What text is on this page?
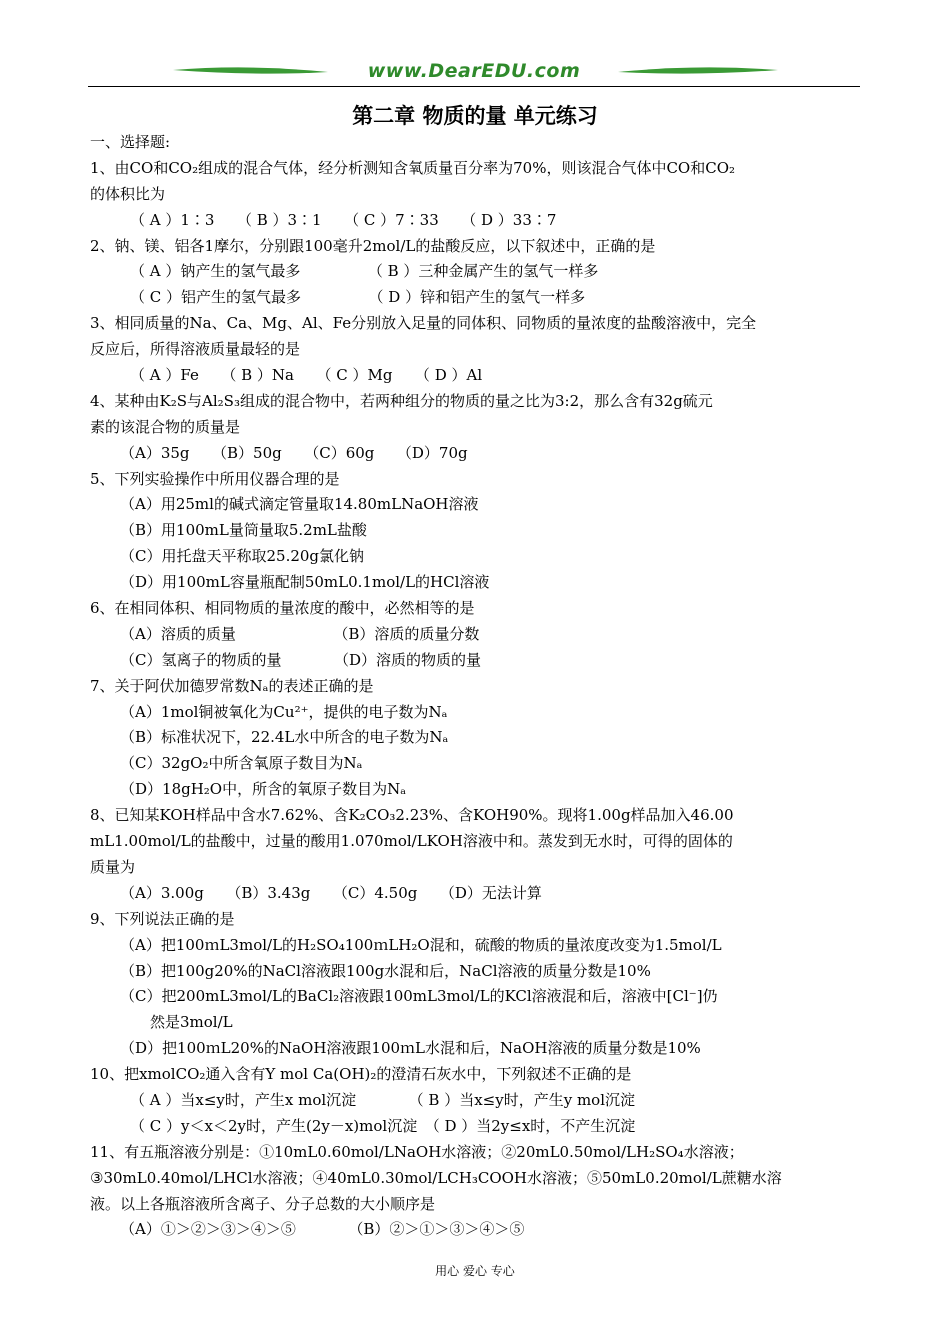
www.DearEDU.com
第二章 物质的量 单元练习
一、选择题:
1、由CO和CO₂组成的混合气体，经分析测知含氧质量百分率为70%，则该混合气体中CO和CO₂
的体积比为
（ A ）1∶3　　（ B ）3∶1　　（ C ）7∶33　　（ D ）33∶7
2、钠、镁、铝各1摩尔，分别跟100毫升2mol/L的盐酸反应，以下叙述中，正确的是
（ A ）钠产生的氢气最多　　　　　（ B ）三种金属产生的氢气一样多
（ C ）铝产生的氢气最多　　　　　（ D ）锌和铝产生的氢气一样多
3、相同质量的Na、Ca、Mg、Al、Fe分别放入足量的同体积、同物质的量浓度的盐酸溶液中，完全
反应后，所得溶液质量最轻的是
（ A ）Fe　　（ B ）Na　　（ C ）Mg　　（ D ）Al
4、某种由K₂S与Al₂S₃组成的混合物中，若两种组分的物质的量之比为3:2，那么含有32g硫元
素的该混合物的质量是
（A）35g　　（B）50g　　（C）60g　　（D）70g
5、下列实验操作中所用仪器合理的是
（A）用25ml的碱式滴定管量取14.80mLNaOH溶液
（B）用100mL量筒量取5.2mL盐酸
（C）用托盘天平称取25.20g氯化钠
（D）用100mL容量瓶配制50mL0.1mol/L的HCl溶液
6、在相同体积、相同物质的量浓度的酸中，必然相等的是
（A）溶质的质量　　　　　　　（B）溶质的质量分数
（C）氢离子的物质的量　　　　（D）溶质的物质的量
7、关于阿伏加德罗常数Nₐ的表述正确的是
（A）1mol铜被氧化为Cu²⁺，提供的电子数为Nₐ
（B）标准状况下，22.4L水中所含的电子数为Nₐ
（C）32gO₂中所含氧原子数目为Nₐ
（D）18gH₂O中，所含的氧原子数目为Nₐ
8、已知某KOH样品中含水7.62%、含K₂CO₃2.23%、含KOH90%。现将1.00g样品加入46.00
mL1.00mol/L的盐酸中，过量的酸用1.070mol/LKOH溶液中和。蒸发到无水时，可得的固体的
质量为
（A）3.00g　　（B）3.43g　　（C）4.50g　　（D）无法计算
9、下列说法正确的是
（A）把100ｍL3mol/L的H₂SO₄100ｍLH₂O混和，硫酸的物质的量浓度改变为1.5mol/L
（B）把100g20%的NaCl溶液跟100g水混和后，NaCl溶液的质量分数是10%
（C）把200mL3mol/L的BaCl₂溶液跟100mL3mol/L的KCl溶液混和后，溶液中[Cl⁻]仍
然是3mol/L
（D）把100ｍL20%的NaOH溶液跟100ｍL水混和后，NaOH溶液的质量分数是10%
10、把xmolCO₂通入含有Y mol Ca(OH)₂的澄清石灰水中，下列叙述不正确的是
（ A ）当x≤y时，产生x mol沉淀　　　　（ B ）当x≤y时，产生y mol沉淀
（ C ）y＜x＜2y时，产生(2y－x)mol沉淀　（ D ）当2y≤x时，不产生沉淀
11、有五瓶溶液分别是：①10mL0.60mol/LNaOH水溶液；②20mL0.50mol/LH₂SO₄水溶液；
③30mL0.40mol/LHCl水溶液；④40mL0.30mol/LCH₃COOH水溶液；⑤50mL0.20mol/L蔗糖水溶
液。以上各瓶溶液所含离子、分子总数的大小顺序是
（A）①＞②＞③＞④＞⑤　　　　（B）②＞①＞③＞④＞⑤
用心 爱心 专心
